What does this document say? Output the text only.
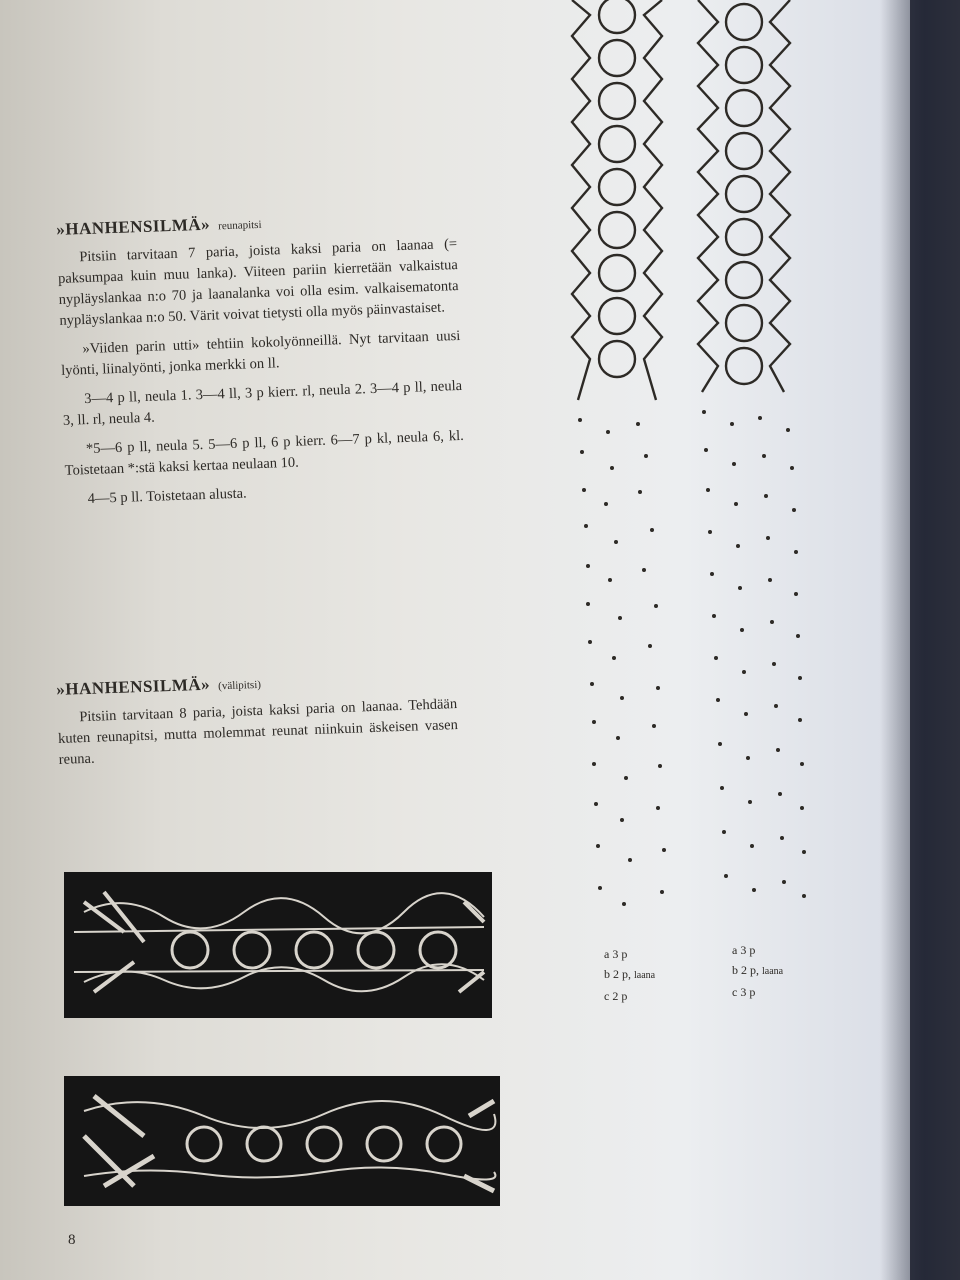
»HANHENSILMÄ» reunapitsi

Pitsiin tarvitaan 7 paria, joista kaksi paria on laanaa (= paksumpaa kuin muu lanka). Viiteen pariin kierretään valkaistua nypläyslankaa n:o 70 ja laanalanka voi olla esim. valkaisematonta nypläyslankaa n:o 50. Värit voivat tietysti olla myös päinvastaiset.

»Viiden parin utti» tehtiin kokolyönneillä. Nyt tarvitaan uusi lyönti, liinalyönti, jonka merkki on ll.

3—4 p ll, neula 1. 3—4 ll, 3 p kierr. rl, neula 2. 3—4 p ll, neula 3, ll. rl, neula 4.

*5—6 p ll, neula 5. 5—6 p ll, 6 p kierr. 6—7 p kl, neula 6, kl. Toistetaan *:stä kaksi kertaa neulaan 10.

4—5 p ll. Toistetaan alusta.

»HANHENSILMÄ» (välipitsi)

Pitsiin tarvitaan 8 paria, joista kaksi paria on laanaa. Tehdään kuten reunapitsi, mutta molemmat reunat niinkuin äskeisen vasen reuna.

a 3 p
b 2 p, laana
c 2 p
a 3 p
b 2 p, laana
c 3 p
8
